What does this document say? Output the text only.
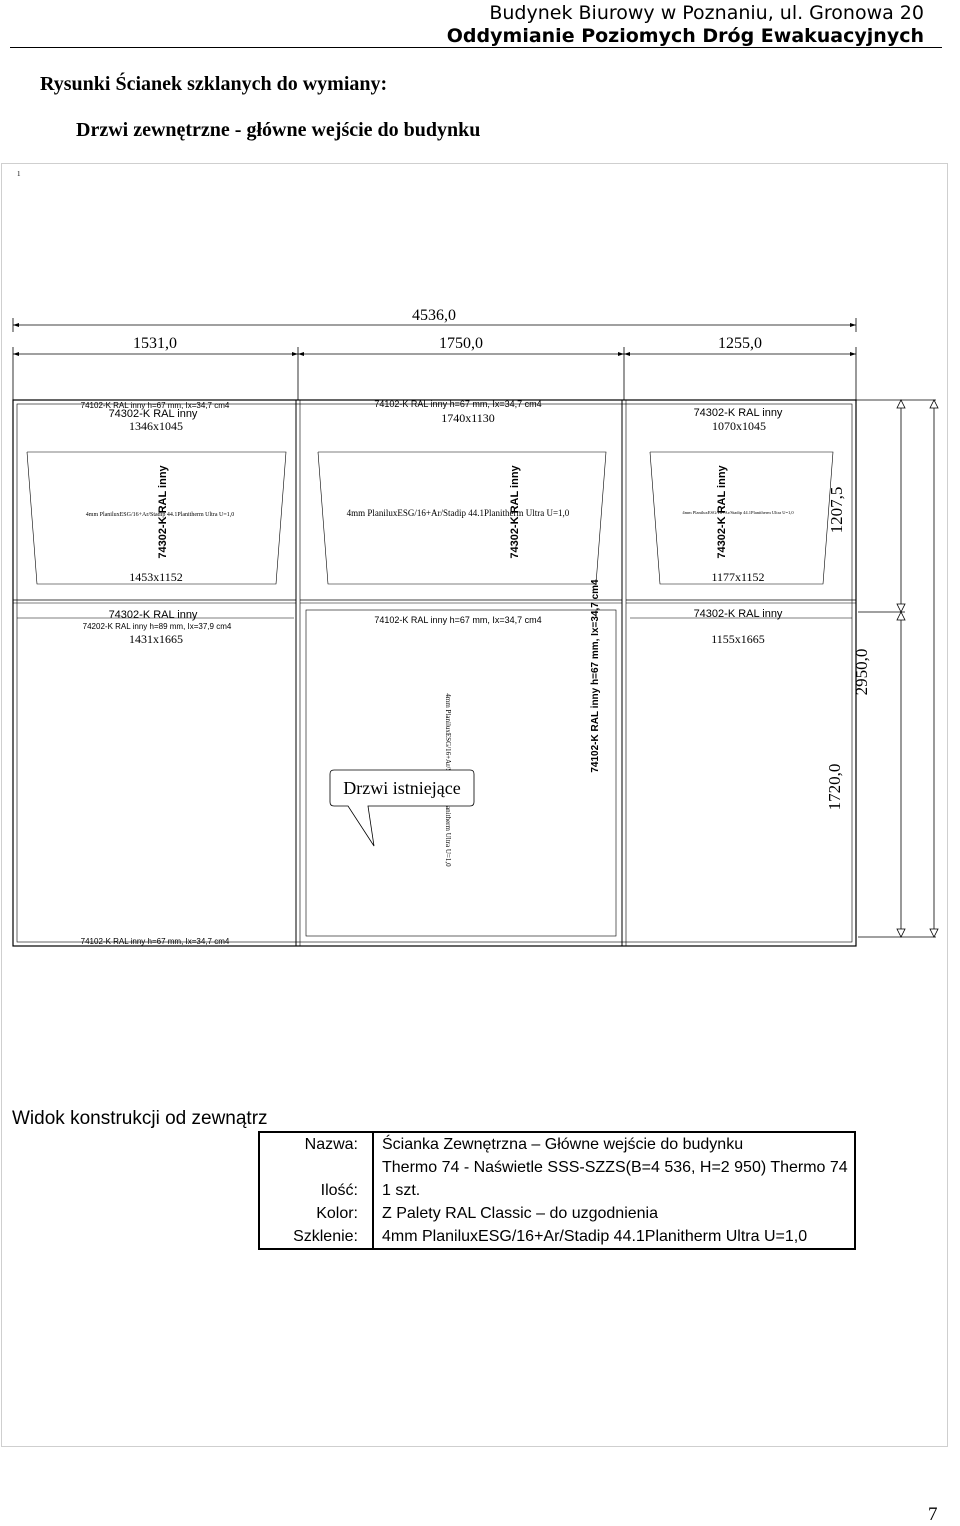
Budynek Biurowy w Poznaniu, ul. Gronowa 20
Oddymianie Poziomych Dróg Ewakuacyjnych
Rysunki Ścianek szklanych do wymiany:
Drzwi zewnętrzne - główne wejście do budynku
1
4536,0
1531,0	1750,0	1255,0
1207,5
2950,0
1720,0
74102-K RAL inny h=67 mm, Ix=34,7 cm4
74302-K RAL inny
74102-K RAL inny h=67 mm, Ix=34,7 cm4
74302-K RAL inny
74302-K RAL inny	74302-K RAL inny	74302-K RAL inny
74302-K RAL inny
74202-K RAL inny h=89 mm, Ix=37,9 cm4
74102-K RAL inny h=67 mm, Ix=34,7 cm4	74302-K RAL inny
74102-K RAL inny h=67 mm, Ix=34,7 cm4
74102-K RAL inny h=67 mm, Ix=34,7 cm4
1346x1045
1740x1130
1070x1045
1453x1152	1177x1152
1431x1665	1155x1665
4mm PlaniluxESG/16+Ar/Stadip 44.1Planitherm Ultra U=1,0	4mm PlaniluxESG/16+Ar/Stadip 44.1Planitherm Ultra U=1,0	4mm PlaniluxESG/16+Ar/Stadip 44.1Planitherm Ultra U=1,0
Drzwi istniejące
Widok konstrukcji od zewnątrz
Nazwa:	Ścianka Zewnętrzna – Główne wejście do budynku
	Thermo 74 - Naświetle SSS-SZZS(B=4 536, H=2 950) Thermo 74
Ilość:	1 szt.
Kolor:	Z Palety RAL Classic – do uzgodnienia
Szklenie:	4mm PlaniluxESG/16+Ar/Stadip 44.1Planitherm Ultra U=1,0
7
